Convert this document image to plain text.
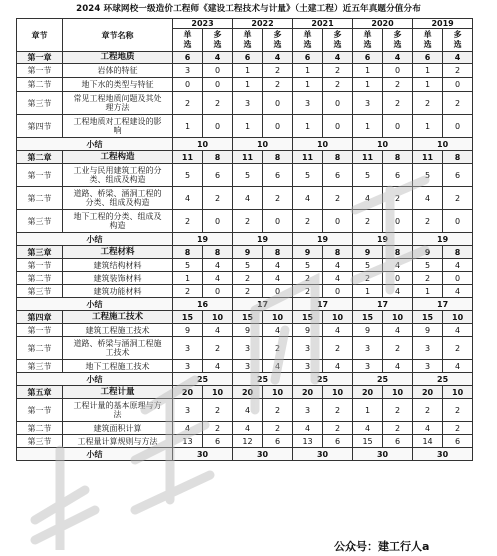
2024 环球网校一级造价工程师《建设工程技术与计量》（土建工程）近五年真题分值分布
章节	章节名称	2023		2022		2021		2020		2019	
		单选	多选	单选	多选	单选	多选	单选	多选	单选	多选
第一章	工程地质	6	4	6	4	6	4	6	4	6	4
第一节	岩体的特征	3	0	1	2	1	2	1	0	1	2
第二节	地下水的类型与特征	0	0	1	2	1	2	1	2	1	0
第三节	常见工程地质问题及其处理方法	2	2	3	0	3	0	3	2	2	2
第四节	工程地质对工程建设的影响	1	0	1	0	1	0	1	0	1	0
小结		10		10		10		10		10	
第二章	工程构造	11	8	11	8	11	8	11	8	11	8
第一节	工业与民用建筑工程的分类、组成及构造	5	6	5	6	5	6	5	6	5	6
第二节	道路、桥梁、涵洞工程的分类、组成及构造	4	2	4	2	4	2	4	2	4	2
第三节	地下工程的分类、组成及构造	2	0	2	0	2	0	2	0	2	0
小结		19		19		19		19		19	
第三章	工程材料	8	8	9	8	9	8	9	8	9	8
第一节	建筑结构材料	5	4	5	4	5	4	5	4	5	4
第二节	建筑装饰材料	1	4	2	4	2	4	2	0	2	0
第三节	建筑功能材料	2	0	2	0	2	0	1	4	1	4
小结		16		17		17		17		17	
第四章	工程施工技术	15	10	15	10	15	10	15	10	15	10
第一节	建筑工程施工技术	9	4	9	4	9	4	9	4	9	4
第二节	道路、桥梁与涵洞工程施工技术	3	2	3	2	3	2	3	2	3	2
第三节	地下工程施工技术	3	4	3	4	3	4	3	4	3	4
小结		25		25		25		25		25	
第五章	工程计量	20	10	20	10	20	10	20	10	20	10
第一节	工程计量的基本原理与方法	3	2	4	2	3	2	1	2	2	2
第二节	建筑面积计算	4	2	4	2	4	2	4	2	4	2
第三节	工程量计算规则与方法	13	6	12	6	13	6	15	6	14	6
小结		30		30		30		30		30	
公众号：建工行人a
